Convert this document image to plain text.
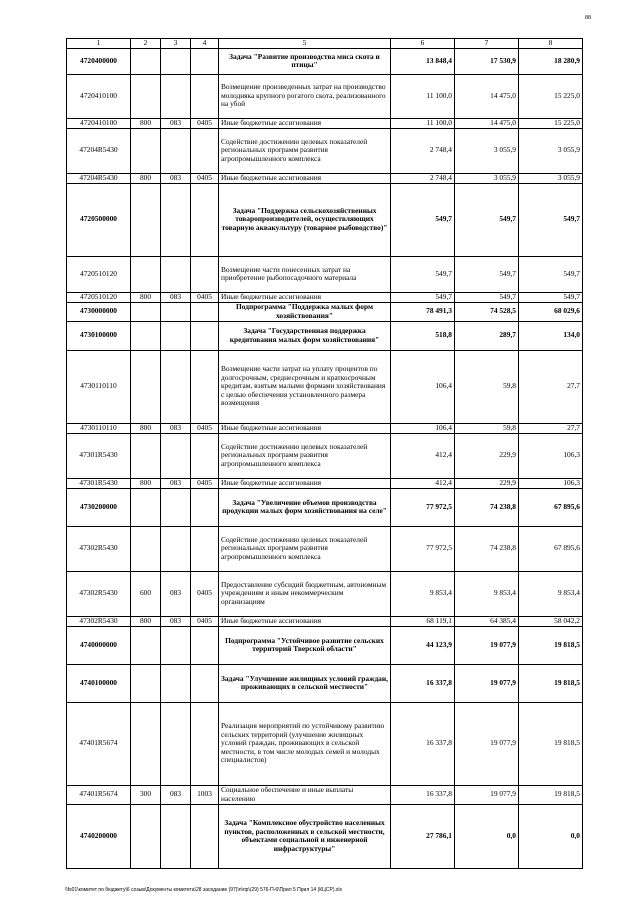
88
1	2	3	4	5	6	7	8
4720400000				Задача "Развитие производства миса скота и птицы"	13 848,4	17 530,9	18 280,9
4720410100				Возмещение произведенных затрат на производство молодняка крупного рогатого скота, реализованного на убой	11 100,0	14 475,0	15 225,0
4720410100	800	083	0405	Иные бюджетные ассигнования	11 100,0	14 475,0	15 225,0
47204R5430				Содействие достижению целевых показателей региональных программ развития агропромышленного комплекса	2 748,4	3 055,9	3 055,9
47204R5430	800	083	0405	Иные бюджетные ассигнования	2 748,4	3 055,9	3 055,9
4720500000				Задача "Поддержка сельскохозяйственных товаропроизводителей, осуществляющих товарную аквакультуру (товарное рыбоводство)"	549,7	549,7	549,7
4720510120				Возмещение части понесенных затрат на приобретение рыбопосадочного материала	549,7	549,7	549,7
4720510120	800	083	0405	Иные бюджетные ассигнования	549,7	549,7	549,7
4730000000				Подпрограмма "Поддержка малых форм хозяйствования"	78 491,3	74 528,5	68 029,6
4730100000				Задача "Государственная поддержка кредитования малых форм хозяйствования"	518,8	289,7	134,0
4730110110				Возмещение части затрат на уплату процентов по долгосрочным, среднесрочным и краткосрочным кредитам, взятым малыми формами хозяйствования с целью обеспечения установленного размера возмещения	106,4	59,8	27,7
4730110110	800	083	0405	Иные бюджетные ассигнования	106,4	59,8	27,7
47301R5430				Содействие достижению целевых показателей региональных программ развития агропромышленного комплекса	412,4	229,9	106,3
47301R5430	800	083	0405	Иные бюджетные ассигнования	412,4	229,9	106,3
4730200000				Задача "Увеличение объемов производства продукции малых форм хозяйствования на селе"	77 972,5	74 238,8	67 895,6
47302R5430				Содействие достижению целевых показателей региональных программ развития агропромышленного комплекса	77 972,5	74 238,8	67 895,6
47302R5430	600	083	0405	Предоставление субсидий бюджетным, автономным учреждениям и иным некоммерческим организациям	9 853,4	9 853,4	9 853,4
47302R5430	800	083	0405	Иные бюджетные ассигнования	68 119,1	64 385,4	58 042,2
4740000000				Подпрограмма "Устойчивое развитие сельских территорий Тверской области"	44 123,9	19 077,9	19 818,5
4740100000				Задача "Улучшение жилищных условий граждан, проживающих в сельской местности"	16 337,8	19 077,9	19 818,5
47401R5674				Реализация мероприятий по устойчивому развитию сельских территорий (улучшение жилищных условий граждан, проживающих в сельской местности, в том числе молодых семей и молодых специалистов)	16 337,8	19 077,9	19 818,5
47401R5674	300	083	1003	Социальное обеспечение и иные выплаты населению	16 337,8	19 077,9	19 818,5
4740200000				Задача "Комплексное обустройство населенных пунктов, расположенных в сельской местности, объектами социальной и инженерной инфраструктуры"	27 786,1	0,0	0,0
\\fs01\комитет по бюджету\6 созыв\Документы комитета\28 заседание (97)\п\пр\(29) 576-П-6\Прил 5 Прил 14 (КЦСР).xls
